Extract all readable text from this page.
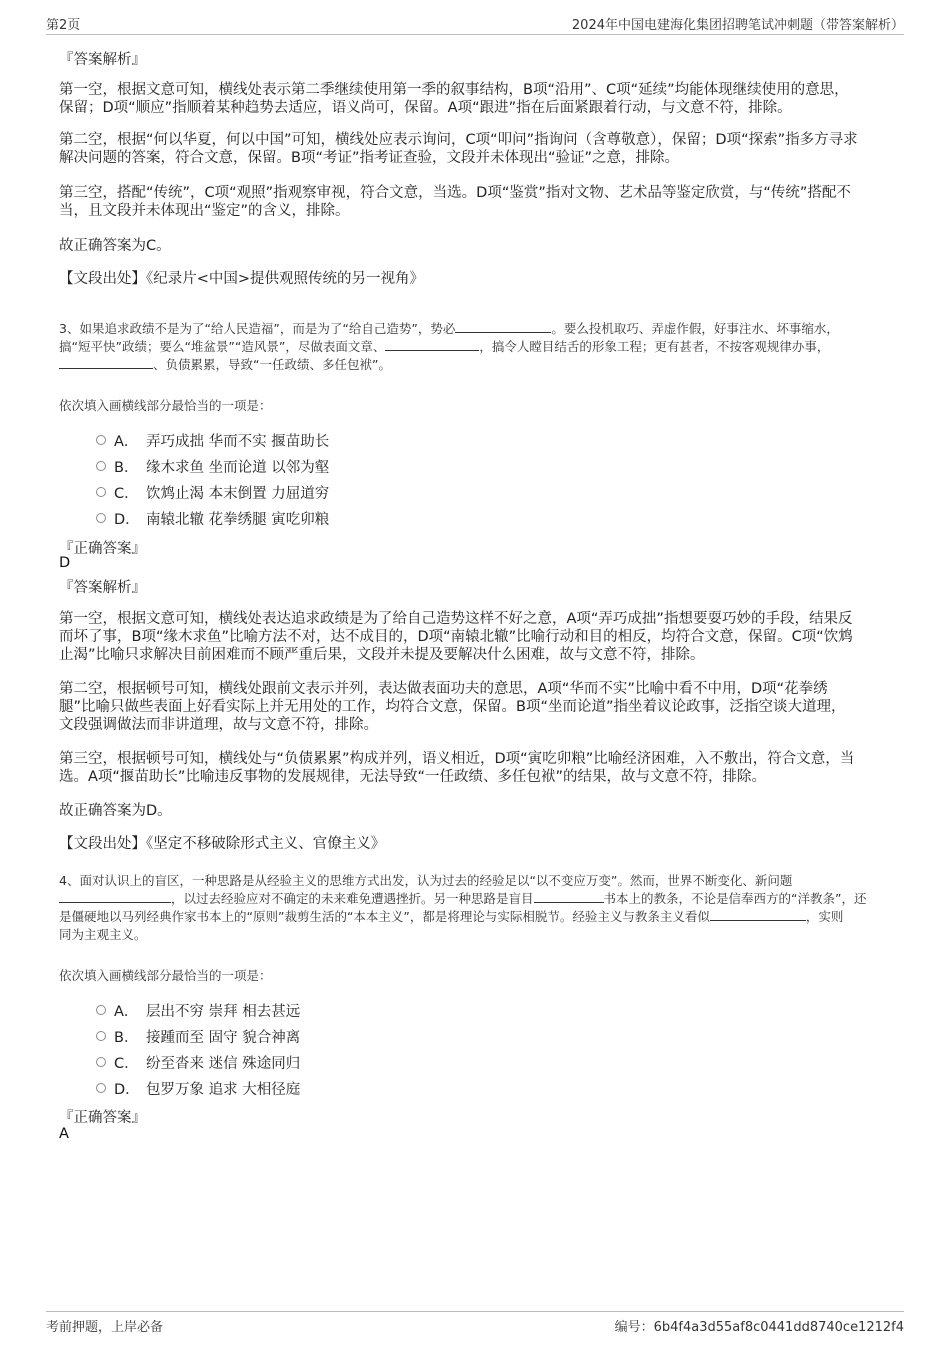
第2页	2024年中国电建海化集团招聘笔试冲刺题（带答案解析）
『答案解析』
第一空，根据文意可知，横线处表示第二季继续使用第一季的叙事结构，B项“沿用”、C项“延续”均能体现继续使用的意思，
保留；D项“顺应”指顺着某种趋势去适应，语义尚可，保留。A项“跟进”指在后面紧跟着行动，与文意不符，排除。
第二空，根据“何以华夏，何以中国”可知，横线处应表示询问，C项“叩问”指询问（含尊敬意），保留；D项“探索”指多方寻求
解决问题的答案，符合文意，保留。B项“考证”指考证查验，文段并未体现出“验证”之意，排除。
第三空，搭配“传统”，C项“观照”指观察审视，符合文意，当选。D项“鉴赏”指对文物、艺术品等鉴定欣赏，与“传统”搭配不
当，且文段并未体现出“鉴定”的含义，排除。
故正确答案为C。
【文段出处】《纪录片<中国>提供观照传统的另一视角》
3、如果追求政绩不是为了“给人民造福”，而是为了“给自己造势”，势必	。要么投机取巧、弄虚作假，好事注水、坏事缩水，
搞“短平快”政绩；要么“堆盆景”“造风景”，尽做表面文章、	，搞令人瞠目结舌的形象工程；更有甚者，不按客观规律办事，
、负债累累，导致“一任政绩、多任包袱”。
依次填入画横线部分最恰当的一项是：
A． 弄巧成拙 华而不实 揠苗助长
B． 缘木求鱼 坐而论道 以邻为壑
C． 饮鸩止渴 本末倒置 力屈道穷
D． 南辕北辙 花拳绣腿 寅吃卯粮
『正确答案』
D
『答案解析』
第一空，根据文意可知，横线处表达追求政绩是为了给自己造势这样不好之意，A项“弄巧成拙”指想要耍巧妙的手段，结果反
而坏了事，B项“缘木求鱼”比喻方法不对，达不成目的，D项“南辕北辙”比喻行动和目的相反，均符合文意，保留。C项“饮鸩
止渴”比喻只求解决目前困难而不顾严重后果，文段并未提及要解决什么困难，故与文意不符，排除。
第二空，根据顿号可知，横线处跟前文表示并列，表达做表面功夫的意思，A项“华而不实”比喻中看不中用，D项“花拳绣
腿”比喻只做些表面上好看实际上并无用处的工作，均符合文意，保留。B项“坐而论道”指坐着议论政事，泛指空谈大道理，
文段强调做法而非讲道理，故与文意不符，排除。
第三空，根据顿号可知，横线处与“负债累累”构成并列，语义相近，D项“寅吃卯粮”比喻经济困难，入不敷出，符合文意，当
选。A项“揠苗助长”比喻违反事物的发展规律，无法导致“一任政绩、多任包袱”的结果，故与文意不符，排除。
故正确答案为D。
【文段出处】《坚定不移破除形式主义、官僚主义》
4、面对认识上的盲区，一种思路是从经验主义的思维方式出发，认为过去的经验足以“以不变应万变”。然而，世界不断变化、新问题
，以过去经验应对不确定的未来难免遭遇挫折。另一种思路是盲目	书本上的教条，不论是信奉西方的“洋教条”，还
是僵硬地以马列经典作家书本上的“原则”裁剪生活的“本本主义”，都是将理论与实际相脱节。经验主义与教条主义看似	，实则
同为主观主义。
依次填入画横线部分最恰当的一项是：
A． 层出不穷 崇拜 相去甚远
B． 接踵而至 固守 貌合神离
C． 纷至沓来 迷信 殊途同归
D． 包罗万象 追求 大相径庭
『正确答案』
A
考前押题，上岸必备	编号：6b4f4a3d55af8c0441dd8740ce1212f4
